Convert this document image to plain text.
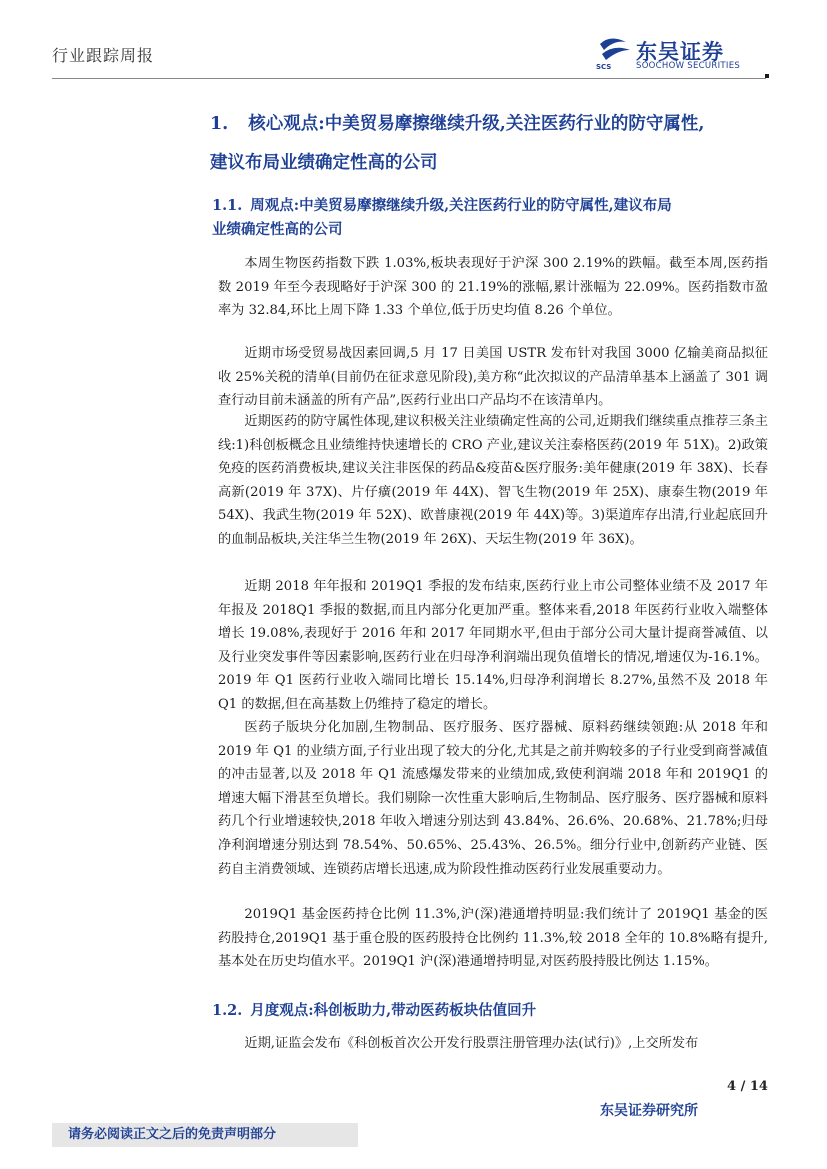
行业跟踪周报	东吴证券
SCS	SOOCHOW SECURITIES
1. 核心观点:中美贸易摩擦继续升级,关注医药行业的防守属性,
建议布局业绩确定性高的公司
1.1. 周观点:中美贸易摩擦继续升级,关注医药行业的防守属性,建议布局
业绩确定性高的公司

本周生物医药指数下跌 1.03%,板块表现好于沪深 300 2.19%的跌幅。截至本周,医药指数 2019 年至今表现略好于沪深 300 的 21.19%的涨幅,累计涨幅为 22.09%。医药指数市盈率为 32.84,环比上周下降 1.33 个单位,低于历史均值 8.26 个单位。

近期市场受贸易战因素回调,5 月 17 日美国 USTR 发布针对我国 3000 亿输美商品拟征收 25%关税的清单(目前仍在征求意见阶段),美方称“此次拟议的产品清单基本上涵盖了 301 调查行动目前未涵盖的所有产品”,医药行业出口产品均不在该清单内。

近期医药的防守属性体现,建议积极关注业绩确定性高的公司,近期我们继续重点推荐三条主线:1)科创板概念且业绩维持快速增长的 CRO 产业,建议关注泰格医药(2019 年 51X)。2)政策免疫的医药消费板块,建议关注非医保的药品&疫苗&医疗服务:美年健康(2019 年 38X)、长春高新(2019 年 37X)、片仔癀(2019 年 44X)、智飞生物(2019 年 25X)、康泰生物(2019 年 54X)、我武生物(2019 年 52X)、欧普康视(2019 年 44X)等。3)渠道库存出清,行业起底回升的血制品板块,关注华兰生物(2019 年 26X)、天坛生物(2019 年 36X)。

近期 2018 年年报和 2019Q1 季报的发布结束,医药行业上市公司整体业绩不及 2017 年年报及 2018Q1 季报的数据,而且内部分化更加严重。整体来看,2018 年医药行业收入端整体增长 19.08%,表现好于 2016 年和 2017 年同期水平,但由于部分公司大量计提商誉减值、以及行业突发事件等因素影响,医药行业在归母净利润端出现负值增长的情况,增速仅为-16.1%。2019 年 Q1 医药行业收入端同比增长 15.14%,归母净利润增长 8.27%,虽然不及 2018 年 Q1 的数据,但在高基数上仍维持了稳定的增长。

医药子版块分化加剧,生物制品、医疗服务、医疗器械、原料药继续领跑:从 2018 年和 2019 年 Q1 的业绩方面,子行业出现了较大的分化,尤其是之前并购较多的子行业受到商誉减值的冲击显著,以及 2018 年 Q1 流感爆发带来的业绩加成,致使利润端 2018 年和 2019Q1 的增速大幅下滑甚至负增长。我们剔除一次性重大影响后,生物制品、医疗服务、医疗器械和原料药几个行业增速较快,2018 年收入增速分别达到 43.84%、26.6%、20.68%、21.78%;归母净利润增速分别达到 78.54%、50.65%、25.43%、26.5%。细分行业中,创新药产业链、医药自主消费领域、连锁药店增长迅速,成为阶段性推动医药行业发展重要动力。

2019Q1 基金医药持仓比例 11.3%,沪(深)港通增持明显:我们统计了 2019Q1 基金的医药股持仓,2019Q1 基于重仓股的医药股持仓比例约 11.3%,较 2018 全年的 10.8%略有提升,基本处在历史均值水平。2019Q1 沪(深)港通增持明显,对医药股持股比例达 1.15%。

1.2. 月度观点:科创板助力,带动医药板块估值回升

近期,证监会发布《科创板首次公开发行股票注册管理办法(试行)》,上交所发布

4 / 14
东吴证券研究所
请务必阅读正文之后的免责声明部分
